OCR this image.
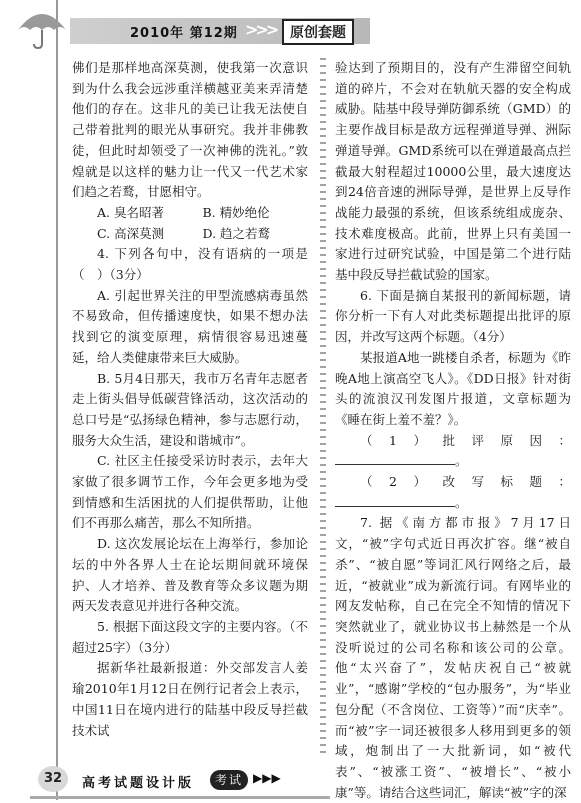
2010年 第12期 >>> 原创套题

佛们是那样地高深莫测，使我第一次意识到为什么我会远涉重洋横越亚美来弄清楚他们的存在。这非凡的美已让我无法使自己带着批判的眼光从事研究。我并非佛教徒，但此时却领受了一次神佛的洗礼。”敦煌就是以这样的魅力让一代又一代艺术家们趋之若鹜，甘愿相守。

A. 臭名昭著	B. 精妙绝伦
C. 高深莫测	D. 趋之若鹜

4. 下列各句中，没有语病的一项是（　）（3分）

A. 引起世界关注的甲型流感病毒虽然不易致命，但传播速度快，如果不想办法找到它的演变原理，病情很容易迅速蔓延，给人类健康带来巨大威胁。

B. 5月4日那天，我市万名青年志愿者走上街头倡导低碳营锋活动，这次活动的总口号是“弘扬绿色精神，参与志愿行动，服务大众生活，建设和谐城市”。

C. 社区主任接受采访时表示，去年大家做了很多调节工作，今年会更多地为受到情感和生活困扰的人们提供帮助，让他们不再那么痛苦，那么不知所措。

D. 这次发展论坛在上海举行，参加论坛的中外各界人士在论坛期间就环境保护、人才培养、普及教育等众多议题为期两天发表意见并进行各种交流。

5. 根据下面这段文字的主要内容。（不超过25字）（3分）

据新华社最新报道：外交部发言人姜瑜2010年1月12日在例行记者会上表示，中国11日在境内进行的陆基中段反导拦截技术试

验达到了预期目的，没有产生滞留空间轨道的碎片，不会对在轨航天器的安全构成威胁。陆基中段导弹防御系统（GMD）的主要作战目标是敌方远程弹道导弹、洲际弹道导弹。GMD系统可以在弹道最高点拦截最大射程超过10000公里，最大速度达到24倍音速的洲际导弹，是世界上反导作战能力最强的系统，但该系统组成庞杂、技术难度极高。此前，世界上只有美国一家进行过研究试验，中国是第二个进行陆基中段反导拦截试验的国家。

6. 下面是摘自某报刊的新闻标题，请你分析一下有人对此类标题提出批评的原因，并改写这两个标题。（4分）

某报道A地一跳楼自杀者，标题为《昨晚A地上演高空飞人》。《DD日报》针对街头的流浪汉刊发图片报道，文章标题为《睡在街上羞不羞？》。

（1）批评原因：。

（2）改写标题：。

7. 据《南方都市报》7月17日文，“被”字句式近日再次扩容。继“被自杀”、“被自愿”等词汇风行网络之后，最近，“被就业”成为新流行词。有网毕业的网友发帖称，自己在完全不知情的情况下突然就业了，就业协议书上赫然是一个从没听说过的公司名称和该公司的公章。他“太兴奋了”，发帖庆祝自己“被就业”，“感谢”学校的“包办服务”，为“毕业包分配（不含岗位、工资等）”而“庆幸”。而“被”字一词还被很多人移用到更多的领域，炮制出了一大批新词，如“被代表”、“被涨工资”、“被增长”、“被小康”等。请结合这些词汇，解读“被”字的深

32	高考试题设计版	考试 ▶▶▶
